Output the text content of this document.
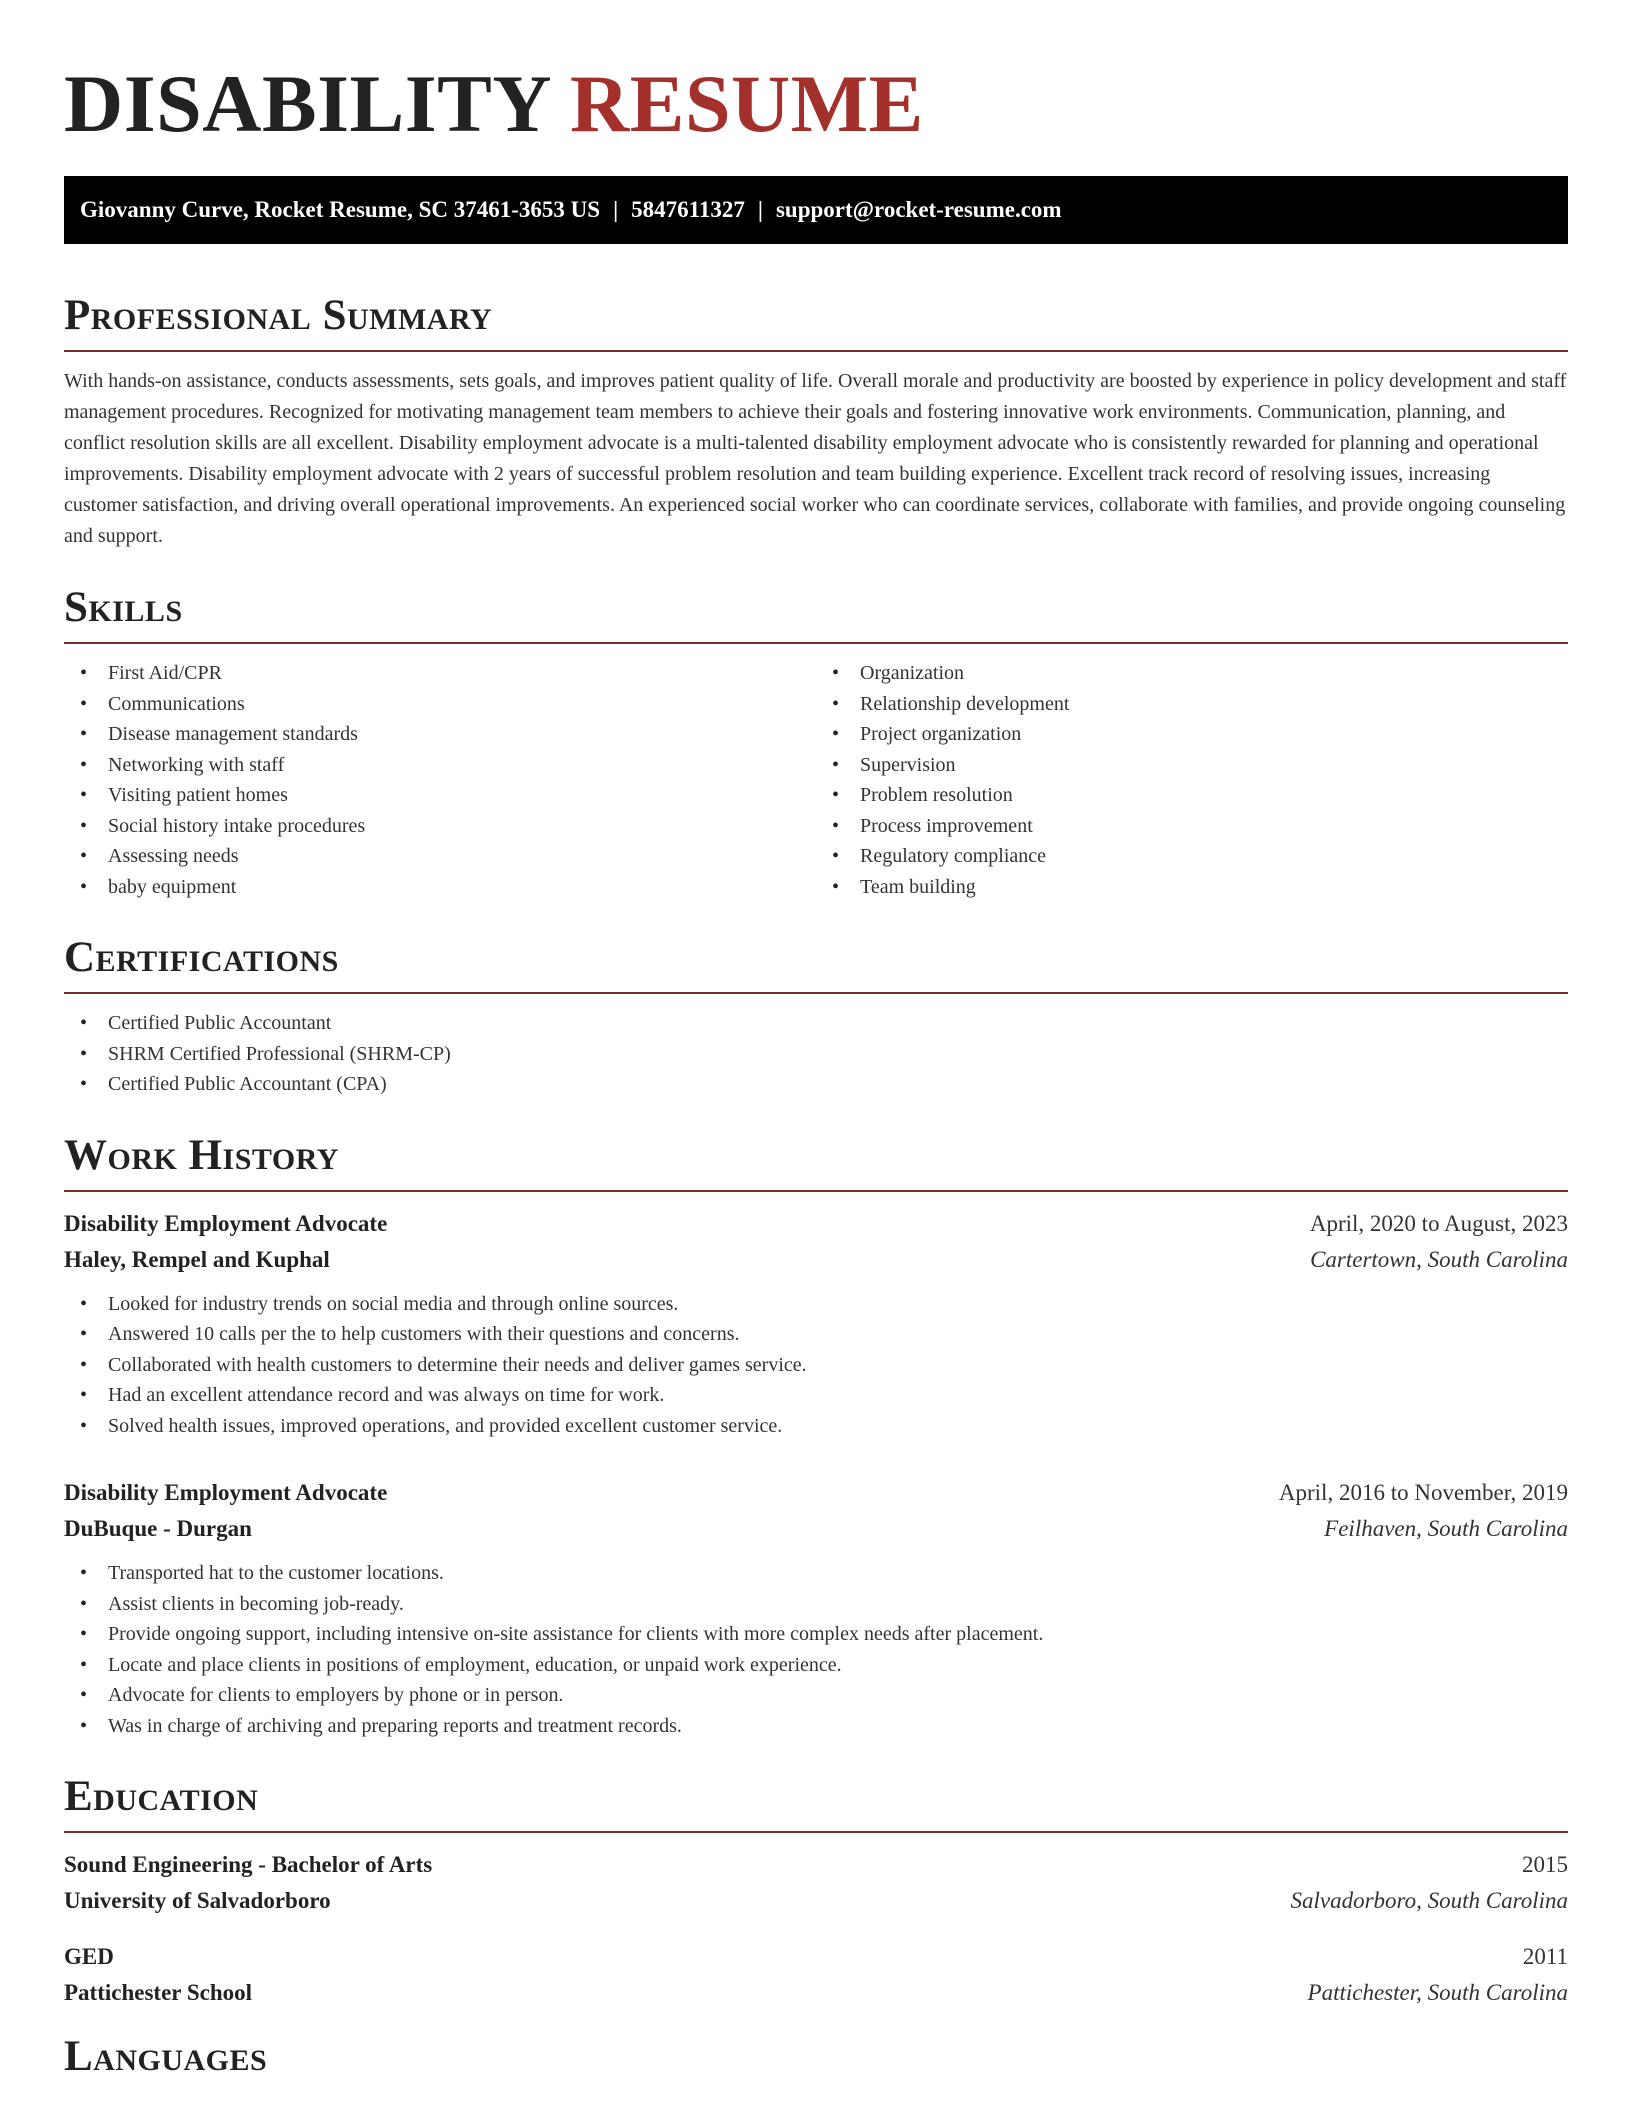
DISABILITY RESUME
Giovanny Curve, Rocket Resume, SC 37461-3653 US | 5847611327 | support@rocket-resume.com
Professional Summary

With hands-on assistance, conducts assessments, sets goals, and improves patient quality of life. Overall morale and productivity are boosted by experience in policy development and staff management procedures. Recognized for motivating management team members to achieve their goals and fostering innovative work environments. Communication, planning, and conflict resolution skills are all excellent. Disability employment advocate is a multi-talented disability employment advocate who is consistently rewarded for planning and operational improvements. Disability employment advocate with 2 years of successful problem resolution and team building experience. Excellent track record of resolving issues, increasing customer satisfaction, and driving overall operational improvements. An experienced social worker who can coordinate services, collaborate with families, and provide ongoing counseling and support.

Skills
• First Aid/CPR
• Communications
• Disease management standards
• Networking with staff
• Visiting patient homes
• Social history intake procedures
• Assessing needs
• baby equipment
• Organization
• Relationship development
• Project organization
• Supervision
• Problem resolution
• Process improvement
• Regulatory compliance
• Team building
Certifications
• Certified Public Accountant
• SHRM Certified Professional (SHRM-CP)
• Certified Public Accountant (CPA)
Work History
Disability Employment Advocate	April, 2020 to August, 2023
Haley, Rempel and Kuphal	Cartertown, South Carolina
• Looked for industry trends on social media and through online sources.
• Answered 10 calls per the to help customers with their questions and concerns.
• Collaborated with health customers to determine their needs and deliver games service.
• Had an excellent attendance record and was always on time for work.
• Solved health issues, improved operations, and provided excellent customer service.
Disability Employment Advocate	April, 2016 to November, 2019
DuBuque - Durgan	Feilhaven, South Carolina
• Transported hat to the customer locations.
• Assist clients in becoming job-ready.
• Provide ongoing support, including intensive on-site assistance for clients with more complex needs after placement.
• Locate and place clients in positions of employment, education, or unpaid work experience.
• Advocate for clients to employers by phone or in person.
• Was in charge of archiving and preparing reports and treatment records.
Education
Sound Engineering - Bachelor of Arts	2015
University of Salvadorboro	Salvadorboro, South Carolina
GED	2011
Pattichester School	Pattichester, South Carolina
Languages
